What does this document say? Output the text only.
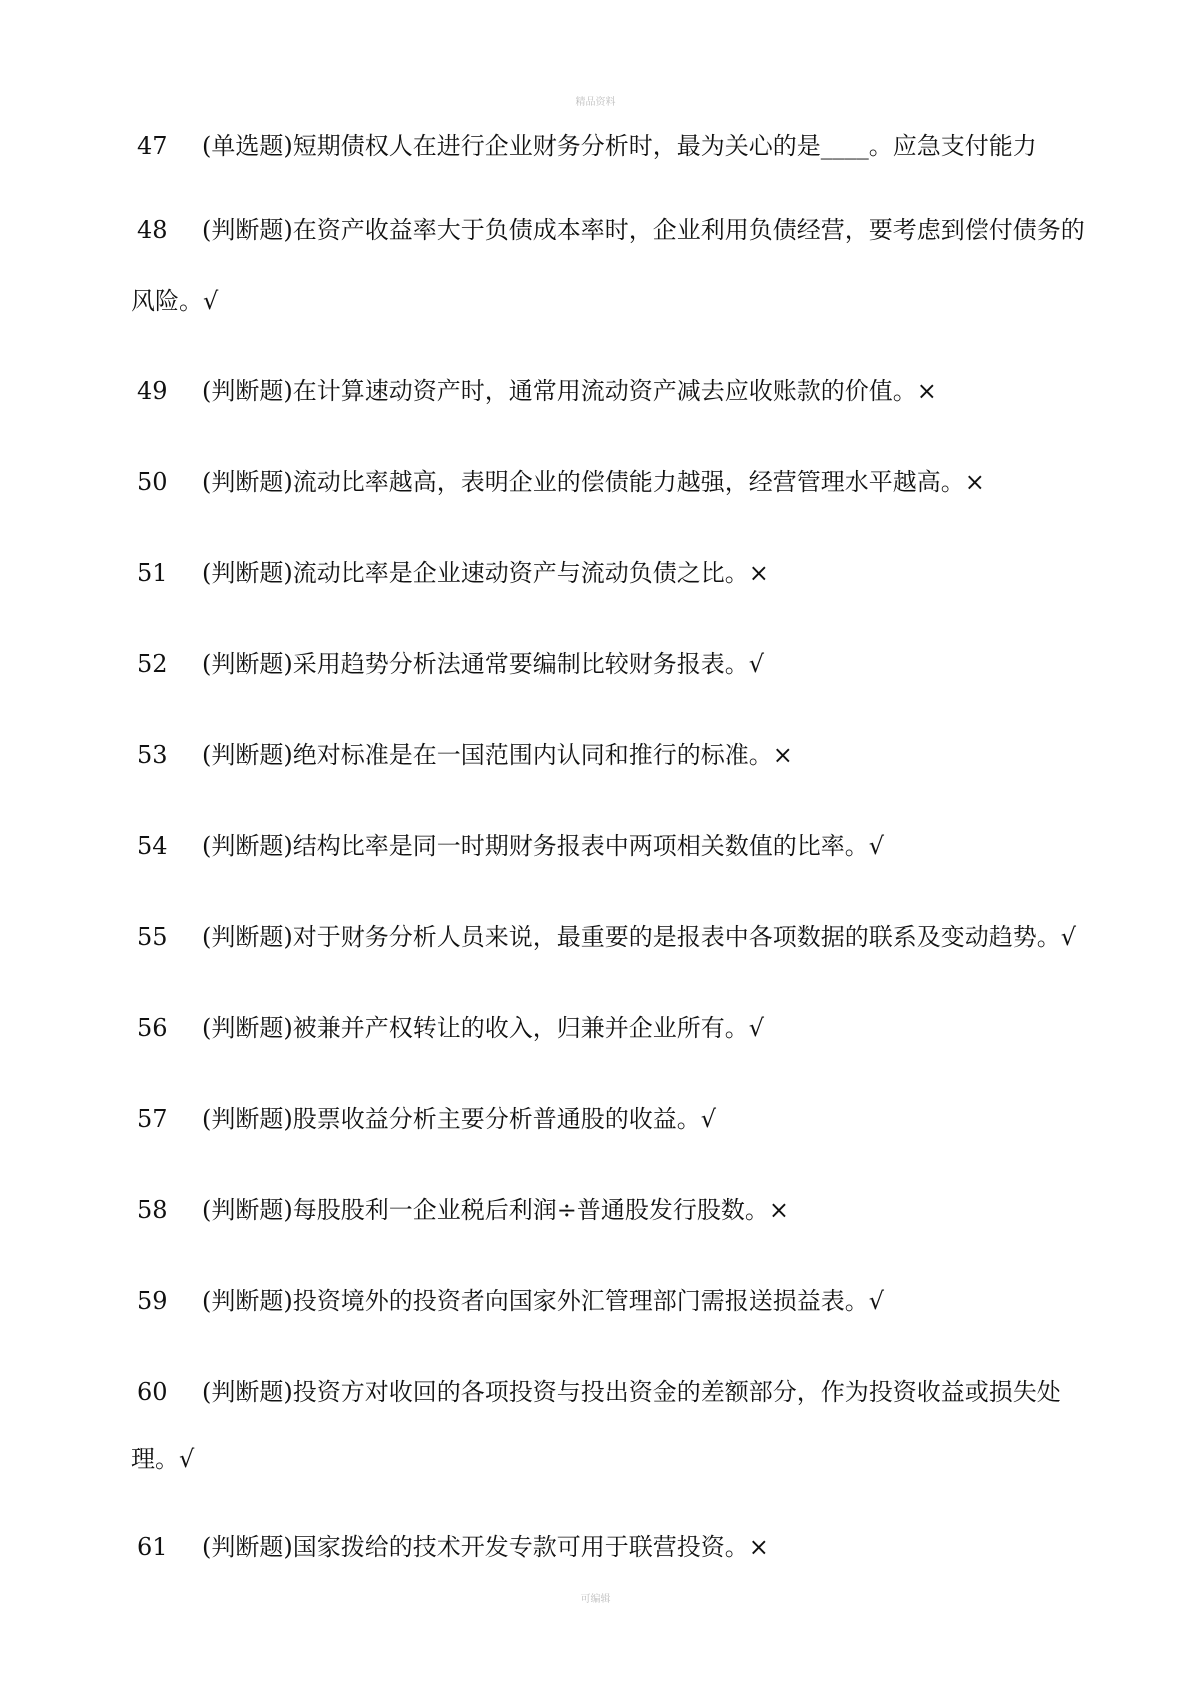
精品资料
47	(单选题)短期债权人在进行企业财务分析时，最为关心的是____。应急支付能力
48	(判断题)在资产收益率大于负债成本率时，企业利用负债经营，要考虑到偿付债务的
风险。√
49	(判断题)在计算速动资产时，通常用流动资产减去应收账款的价值。×
50	(判断题)流动比率越高，表明企业的偿债能力越强，经营管理水平越高。×
51	(判断题)流动比率是企业速动资产与流动负债之比。×
52	(判断题)采用趋势分析法通常要编制比较财务报表。√
53	(判断题)绝对标准是在一国范围内认同和推行的标准。×
54	(判断题)结构比率是同一时期财务报表中两项相关数值的比率。√
55	(判断题)对于财务分析人员来说，最重要的是报表中各项数据的联系及变动趋势。√
56	(判断题)被兼并产权转让的收入，归兼并企业所有。√
57	(判断题)股票收益分析主要分析普通股的收益。√
58	(判断题)每股股利一企业税后利润÷普通股发行股数。×
59	(判断题)投资境外的投资者向国家外汇管理部门需报送损益表。√
60	(判断题)投资方对收回的各项投资与投出资金的差额部分，作为投资收益或损失处
理。√
61	(判断题)国家拨给的技术开发专款可用于联营投资。×
可编辑
